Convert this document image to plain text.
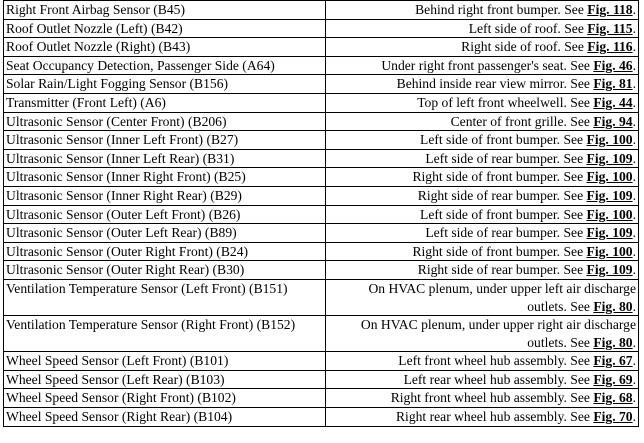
Right Front Airbag Sensor (B45)	Behind right front bumper. See Fig. 118.
Roof Outlet Nozzle (Left) (B42)	Left side of roof. See Fig. 115.
Roof Outlet Nozzle (Right) (B43)	Right side of roof. See Fig. 116.
Seat Occupancy Detection, Passenger Side (A64)	Under right front passenger's seat. See Fig. 46.
Solar Rain/Light Fogging Sensor (B156)	Behind inside rear view mirror. See Fig. 81.
Transmitter (Front Left) (A6)	Top of left front wheelwell. See Fig. 44.
Ultrasonic Sensor (Center Front) (B206)	Center of front grille. See Fig. 94.
Ultrasonic Sensor (Inner Left Front) (B27)	Left side of front bumper. See Fig. 100.
Ultrasonic Sensor (Inner Left Rear) (B31)	Left side of rear bumper. See Fig. 109.
Ultrasonic Sensor (Inner Right Front) (B25)	Right side of front bumper. See Fig. 100.
Ultrasonic Sensor (Inner Right Rear) (B29)	Right side of rear bumper. See Fig. 109.
Ultrasonic Sensor (Outer Left Front) (B26)	Left side of front bumper. See Fig. 100.
Ultrasonic Sensor (Outer Left Rear) (B89)	Left side of rear bumper. See Fig. 109.
Ultrasonic Sensor (Outer Right Front) (B24)	Right side of front bumper. See Fig. 100.
Ultrasonic Sensor (Outer Right Rear) (B30)	Right side of rear bumper. See Fig. 109.
Ventilation Temperature Sensor (Left Front) (B151)	On HVAC plenum, under upper left air discharge outlets. See Fig. 80.
Ventilation Temperature Sensor (Right Front) (B152)	On HVAC plenum, under upper right air discharge outlets. See Fig. 80.
Wheel Speed Sensor (Left Front) (B101)	Left front wheel hub assembly. See Fig. 67.
Wheel Speed Sensor (Left Rear) (B103)	Left rear wheel hub assembly. See Fig. 69.
Wheel Speed Sensor (Right Front) (B102)	Right front wheel hub assembly. See Fig. 68.
Wheel Speed Sensor (Right Rear) (B104)	Right rear wheel hub assembly. See Fig. 70.
